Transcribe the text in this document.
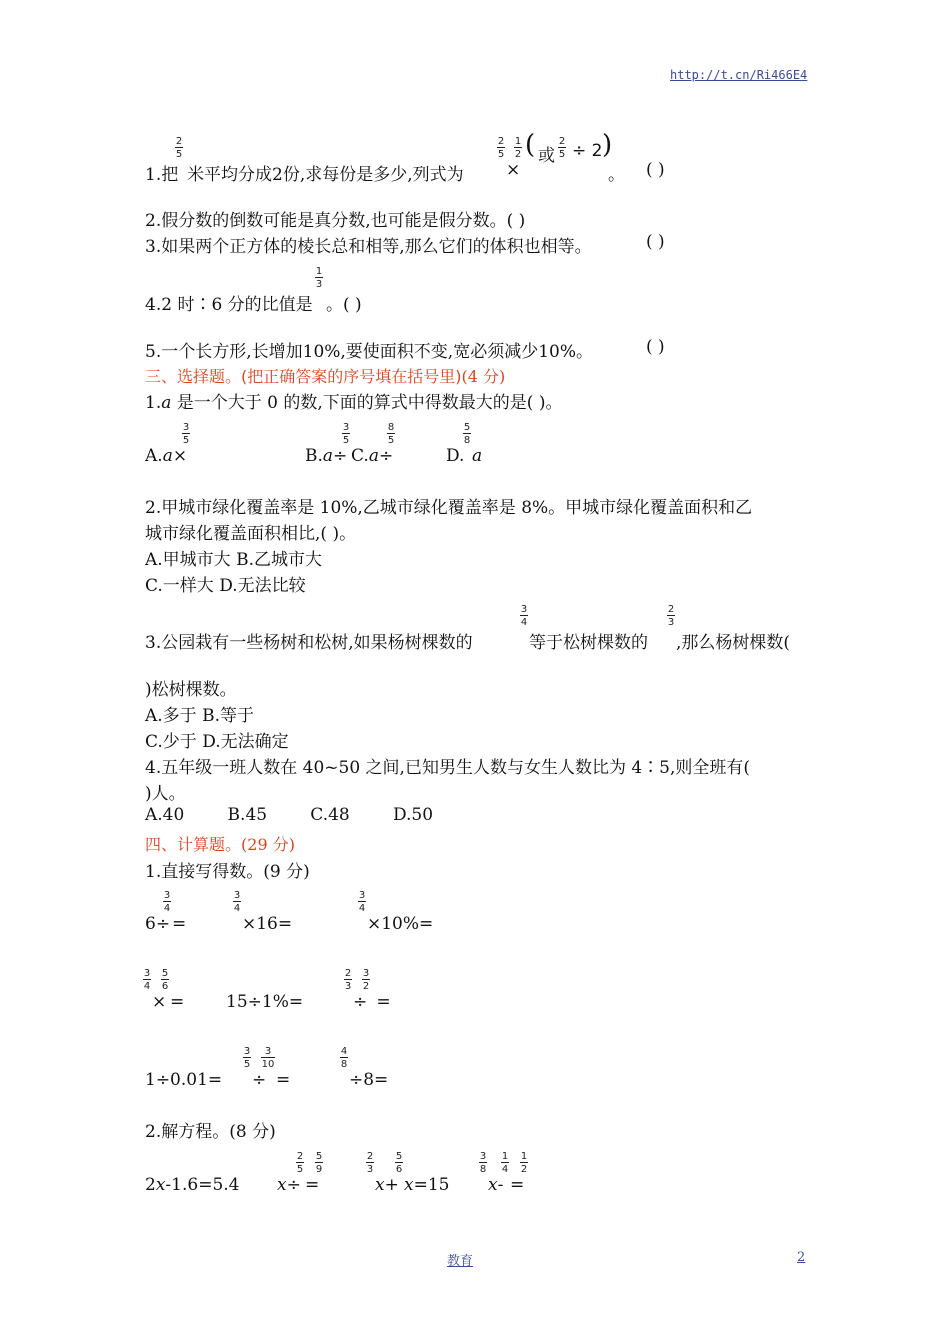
http://t.cn/Ri466E4
1.把
2
5
米平均分成2份,求每份是多少,列式为
2
5
×
1
2 ( 或
2
5 ÷ 2 )
。 ( )
2.假分数的倒数可能是真分数,也可能是假分数。( )
3.如果两个正方体的棱长总和相等,那么它们的体积也相等。	( )
4.2 时∶6 分的比值是
1
3
。( )
5.一个长方形,长增加10%,要使面积不变,宽必须减少10%。	( )
三、选择题。(把正确答案的序号填在括号里)(4 分)
1.a 是一个大于 0 的数,下面的算式中得数最大的是( )。
A.a×
3
5
B.a÷
3
5
C.a÷
8
5
D.
5
8
a
2.甲城市绿化覆盖率是 10%,乙城市绿化覆盖率是 8%。甲城市绿化覆盖面积和乙
城市绿化覆盖面积相比,( )。
A.甲城市大 B.乙城市大
C.一样大 D.无法比较
3.公园栽有一些杨树和松树,如果杨树棵数的
3
4
等于松树棵数的
2
3
,那么杨树棵数(
)松树棵数。
A.多于 B.等于
C.少于 D.无法确定
4.五年级一班人数在 40~50 之间,已知男生人数与女生人数比为 4∶5,则全班有(
)人。
A.40        B.45        C.48        D.50
四、计算题。(29 分)
1.直接写得数。(9 分)
6÷
3
4
=
3
4
×16=
3
4
×10%=
3
4
×
5
6
= 15÷1%=
2
3
÷
3
2
=
1÷0.01=
3
5
÷
3
10
=
4
8
÷8=
2.解方程。(8 分)
2x-1.6=5.4 x÷
2
5
=
5
9
2
3
x+
5
6
x=15
3
8
x-
1
4
=
1
2
教育	2
